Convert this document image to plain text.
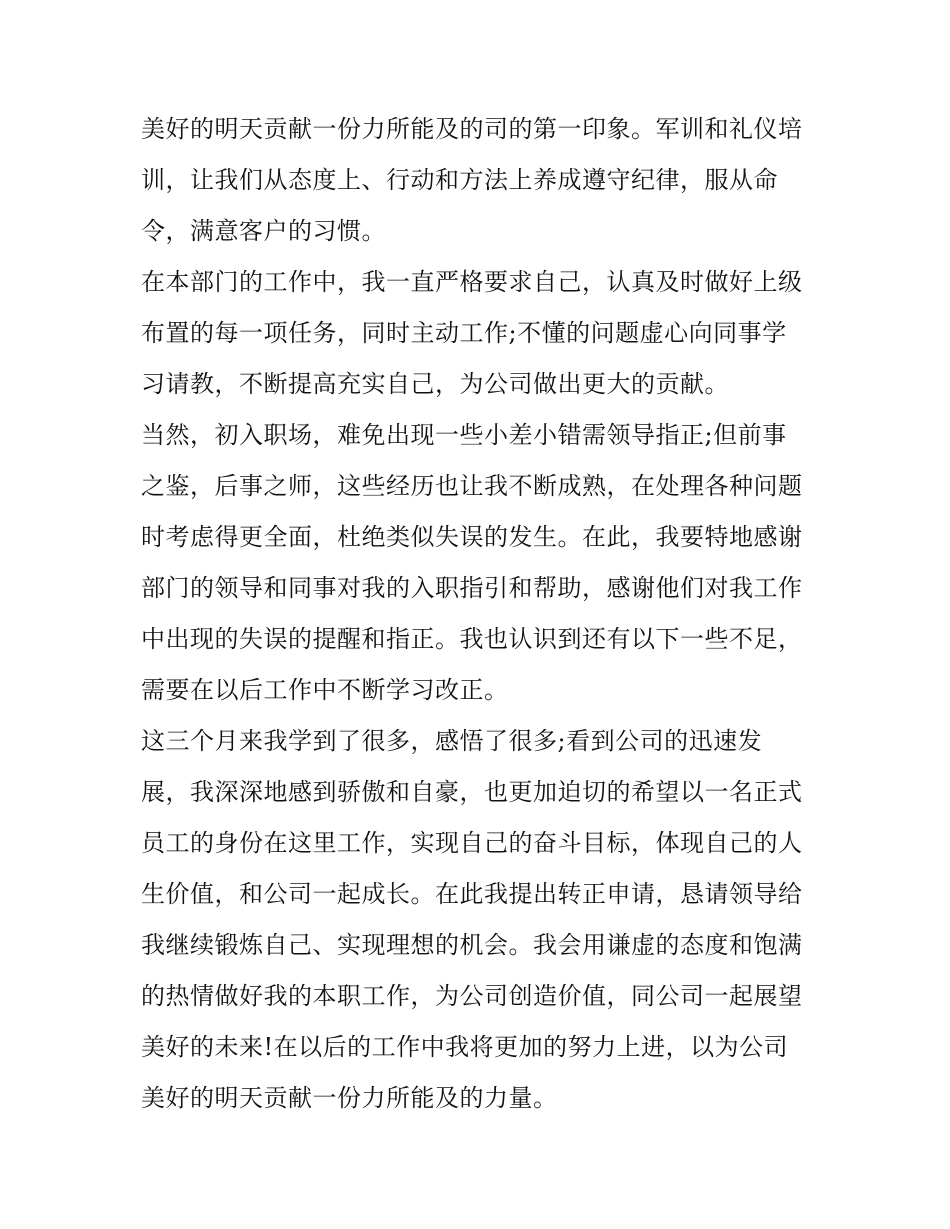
美好的明天贡献一份力所能及的司的第一印象。军训和礼仪培
训，让我们从态度上、行动和方法上养成遵守纪律，服从命
令，满意客户的习惯。
在本部门的工作中，我一直严格要求自己，认真及时做好上级
布置的每一项任务，同时主动工作;不懂的问题虚心向同事学
习请教，不断提高充实自己，为公司做出更大的贡献。
当然，初入职场，难免出现一些小差小错需领导指正;但前事
之鉴，后事之师，这些经历也让我不断成熟，在处理各种问题
时考虑得更全面，杜绝类似失误的发生。在此，我要特地感谢
部门的领导和同事对我的入职指引和帮助，感谢他们对我工作
中出现的失误的提醒和指正。我也认识到还有以下一些不足，
需要在以后工作中不断学习改正。
这三个月来我学到了很多，感悟了很多;看到公司的迅速发
展，我深深地感到骄傲和自豪，也更加迫切的希望以一名正式
员工的身份在这里工作，实现自己的奋斗目标，体现自己的人
生价值，和公司一起成长。在此我提出转正申请，恳请领导给
我继续锻炼自己、实现理想的机会。我会用谦虚的态度和饱满
的热情做好我的本职工作，为公司创造价值，同公司一起展望
美好的未来!在以后的工作中我将更加的努力上进，以为公司
美好的明天贡献一份力所能及的力量。
